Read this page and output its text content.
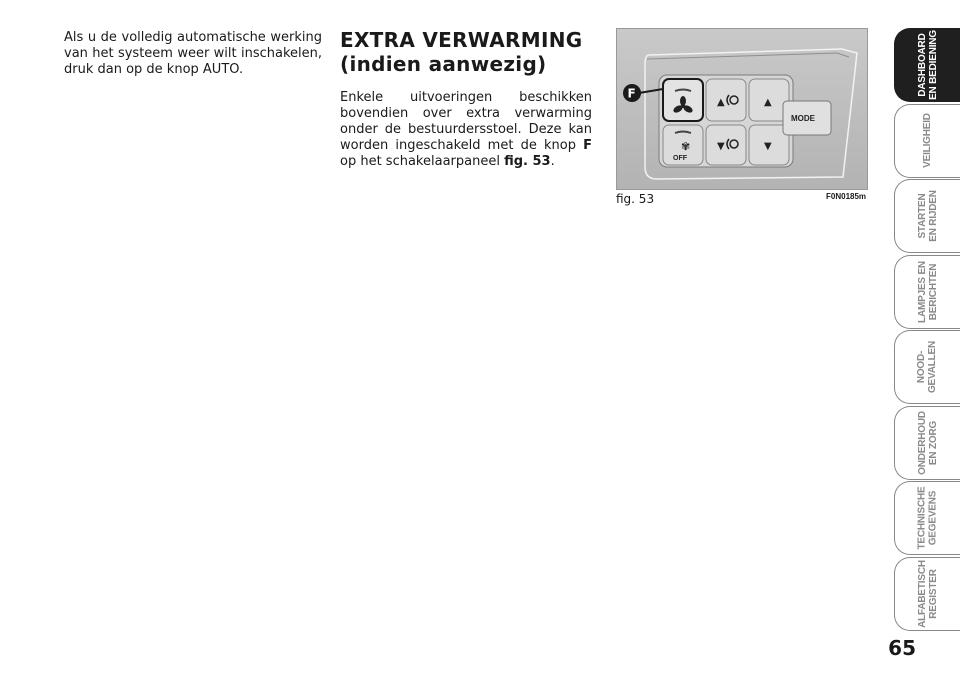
Als u de volledig automatische werking van het systeem weer wilt inschakelen, druk dan op de knop AUTO.
EXTRA VERWARMING
(indien aanwezig)

Enkele uitvoeringen beschikken bovendien over extra verwarming onder de bestuurdersstoel. Deze kan worden ingeschakeld met de knop F op het schakelaarpaneel fig. 53.

▲	▲
✾
OFF
▼	▼
MODE
F
fig. 53	F0N0185m
DASHBOARD EN BEDIENING
VEILIGHEID
STARTEN EN RIJDEN
LAMPJES EN BERICHTEN
NOOD- GEVALLEN
ONDERHOUD EN ZORG
TECHNISCHE GEGEVENS
ALFABETISCH REGISTER
65
